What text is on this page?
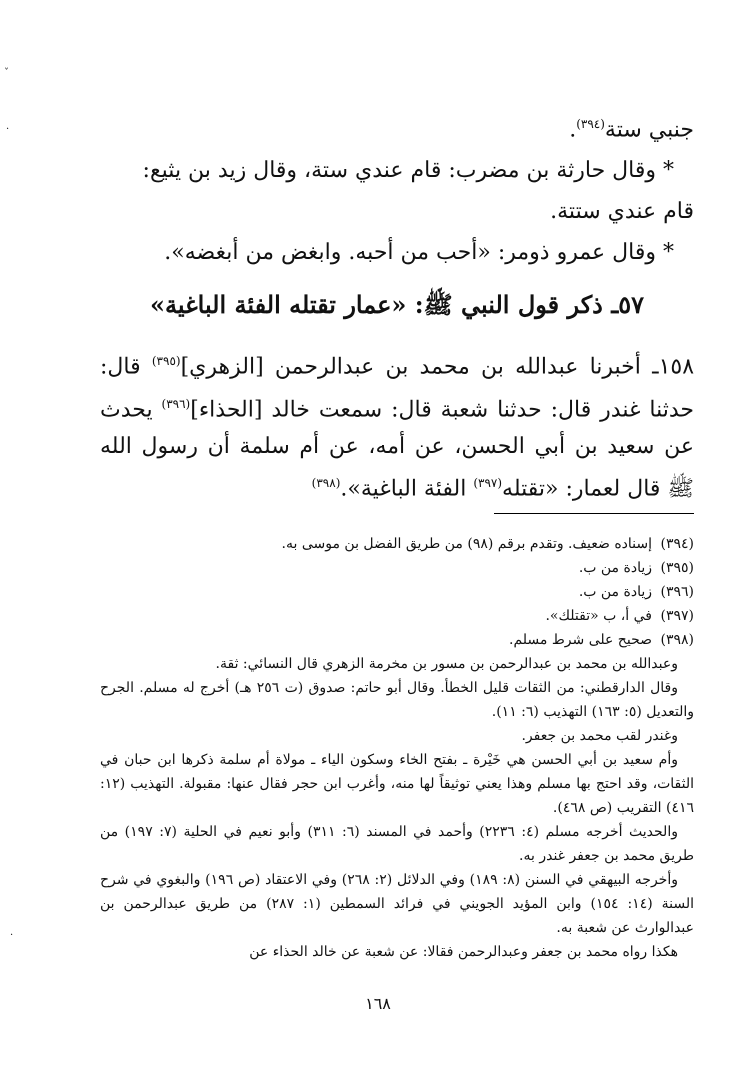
جنبي ستة$^{(٣٩٤)}$.

* وقال حارثة بن مضرب: قام عندي ستة، وقال زيد بن يثيع:

قام عندي ستتة.

* وقال عمرو ذومر: «أحب من أحبه. وابغض من أبغضه».

٥٧ـ ذكر قول النبي ﷺ: «عمار تقتله الفئة الباغية»

١٥٨ـ أخبرنا عبدالله بن محمد بن عبدالرحمن [الزهري]$^{(٣٩٥)}$ قال: حدثنا غندر قال: حدثنا شعبة قال: سمعت خالد [الحذاء]$^{(٣٩٦)}$ يحدث عن سعيد بن أبي الحسن، عن أمه، عن أم سلمة أن رسول الله ﷺ قال لعمار: «تقتله$^{(٣٩٧)}$ الفئة الباغية».$^{(٣٩٨)}$

(٣٩٤)
إسناده ضعيف. وتقدم برقم (٩٨) من طريق الفضل بن موسى به.
(٣٩٥)
زيادة من ب.
(٣٩٦)
زيادة من ب.
(٣٩٧)
في أ، ب «تقتلك».
(٣٩٨)
صحيح على شرط مسلم.

وعبدالله بن محمد بن عبدالرحمن بن مسور بن مخرمة الزهري قال النسائي: ثقة.

وقال الدارقطني: من الثقات قليل الخطأ. وقال أبو حاتم: صدوق (ت ٢٥٦ هـ) أخرج له مسلم. الجرح والتعديل (٥: ١٦٣) التهذيب (٦: ١١).

وغندر لقب محمد بن جعفر.

وأم سعيد بن أبي الحسن هي خَيْرة ـ بفتح الخاء وسكون الياء ـ مولاة أم سلمة ذكرها ابن حبان في الثقات، وقد احتج بها مسلم وهذا يعني توثيقاً لها منه، وأغرب ابن حجر فقال عنها: مقبولة. التهذيب (١٢: ٤١٦) التقريب (ص ٤٦٨).

والحديث أخرجه مسلم (٤: ٢٢٣٦) وأحمد في المسند (٦: ٣١١) وأبو نعيم في الحلية (٧: ١٩٧) من طريق محمد بن جعفر غندر به.

وأخرجه البيهقي في السنن (٨: ١٨٩) وفي الدلائل (٢: ٢٦٨) وفي الاعتقاد (ص ١٩٦) والبغوي في شرح السنة (١٤: ١٥٤) وابن المؤيد الجويني في فرائد السمطين (١: ٢٨٧) من طريق عبدالرحمن بن عبدالوارث عن شعبة به.

هكذا رواه محمد بن جعفر وعبدالرحمن فقالا: عن شعبة عن خالد الحذاء عن

١٦٨
ˇ
·
·
